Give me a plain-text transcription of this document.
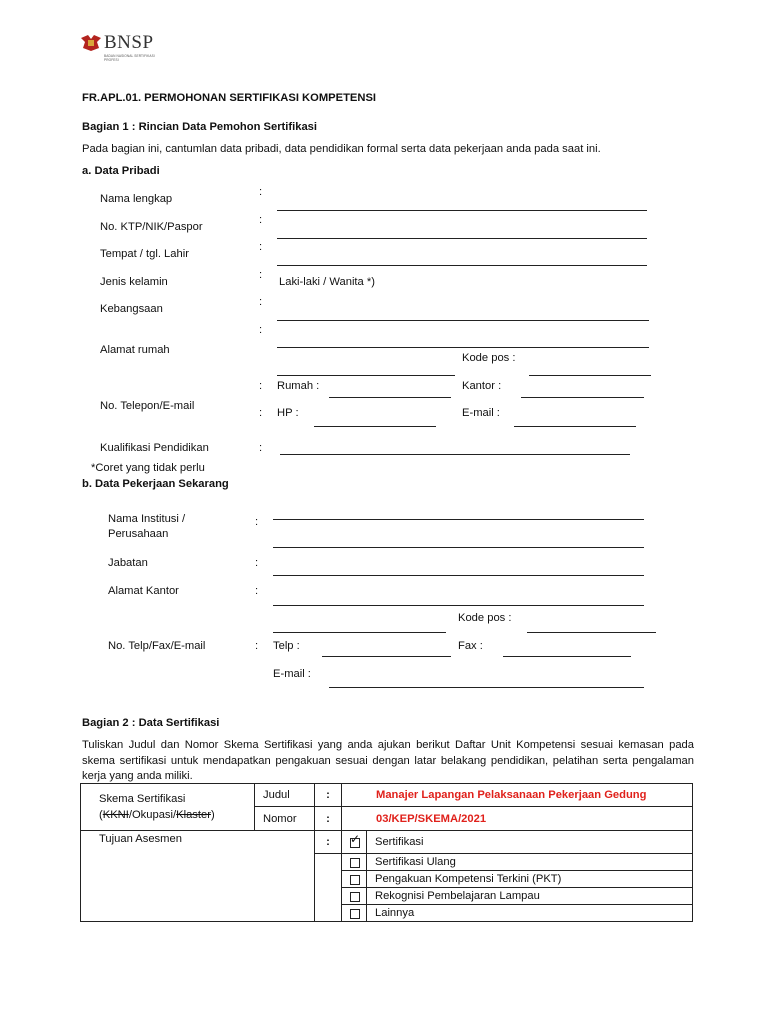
BNSP
BADAN NASIONAL SERTIFIKASI PROFESI
FR.APL.01. PERMOHONAN SERTIFIKASI KOMPETENSI
Bagian 1 : Rincian Data Pemohon Sertifikasi
Pada bagian ini, cantumlan data pribadi, data pendidikan formal serta data pekerjaan anda pada saat ini.
a. Data Pribadi
Nama lengkap
:
No. KTP/NIK/Paspor
:
Tempat / tgl. Lahir
:
Jenis kelamin
:
Laki-laki / Wanita *)
Kebangsaan
:
:
Alamat rumah
Kode pos :
: Rumah :	Kantor :
No. Telepon/E-mail
: HP :	E-mail :
Kualifikasi Pendidikan	:
*Coret yang tidak perlu
b. Data Pekerjaan Sekarang
Nama Institusi /
Perusahaan
:
Jabatan	:
Alamat Kantor	:
Kode pos :
No. Telp/Fax/E-mail	: Telp :	Fax :
E-mail :
Bagian 2 : Data Sertifikasi
Tuliskan Judul dan Nomor Skema Sertifikasi yang anda ajukan berikut Daftar Unit Kompetensi sesuai kemasan pada skema sertifikasi untuk mendapatkan pengakuan sesuai dengan latar belakang pendidikan, pelatihan serta pengalaman kerja yang anda miliki.
Skema Sertifikasi
(KKNI/Okupasi/Klaster)	Judul	:	Manajer Lapangan Pelaksanaan Pekerjaan Gedung	
	Nomor	:	03/KEP/SKEMA/2021	
Tujuan Asesmen		:	✓	Sertifikasi

			Sertifikasi Ulang

			Pengakuan Kompetensi Terkini (PKT)

			Rekognisi Pembelajaran Lampau

			Lainnya
